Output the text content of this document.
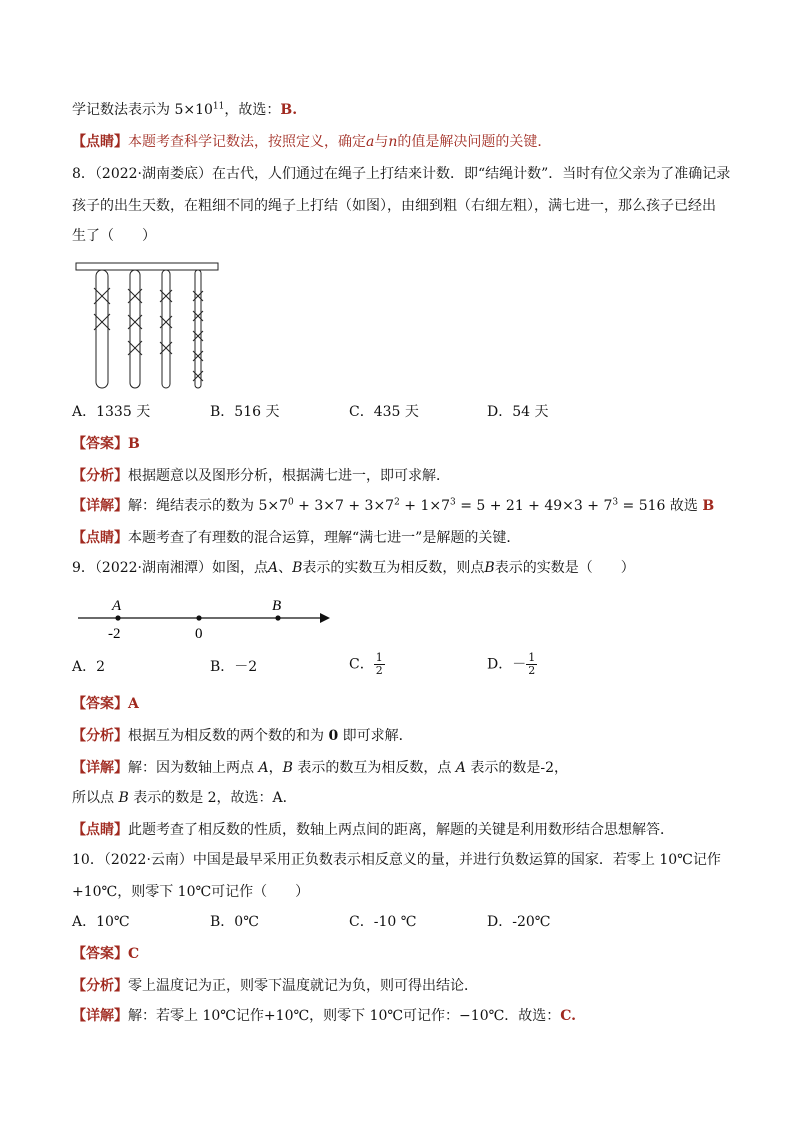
学记数法表示为 $5\times 10^{11}$，故选：B.
【点睛】本题考查科学记数法，按照定义，确定a与n的值是解决问题的关键．
8．（2022·湖南娄底）在古代，人们通过在绳子上打结来计数．即“结绳计数”．当时有位父亲为了准确记录
孩子的出生天数，在粗细不同的绳子上打结（如图），由细到粗（右细左粗），满七进一，那么孩子已经出
生了（　　）
A．1335 天	B．516 天	C．435 天	D．54 天
【答案】B
【分析】根据题意以及图形分析，根据满七进一，即可求解．
【详解】解：绳结表示的数为 $5\times 7^0 + 3\times 7 + 3\times 7^2 + 1\times 7^3 = 5 + 21 + 49\times 3 + 7^3 = 516$ 故选 B
【点睛】本题考查了有理数的混合运算，理解“满七进一”是解题的关键．
9．（2022·湖南湘潭）如图，点A、B表示的实数互为相反数，则点B表示的实数是（　　）
A	B
-2	0
A．2	B．－2	C． $\frac{1}{2}$	D．－ $\frac{1}{2}$
【答案】A
【分析】根据互为相反数的两个数的和为 0 即可求解．
【详解】解：因为数轴上两点 A，B 表示的数互为相反数，点 A 表示的数是-2，
所以点 B 表示的数是 2，故选：A．
【点睛】此题考查了相反数的性质，数轴上两点间的距离，解题的关键是利用数形结合思想解答．
10．（2022·云南）中国是最早采用正负数表示相反意义的量，并进行负数运算的国家．若零上 10℃记作
+10℃，则零下 10℃可记作（　　）
A．10℃	B．0℃	C．-10 ℃	D．-20℃
【答案】C
【分析】零上温度记为正，则零下温度就记为负，则可得出结论．
【详解】解：若零上 10℃记作+10℃，则零下 10℃可记作：−10℃．故选：C.
